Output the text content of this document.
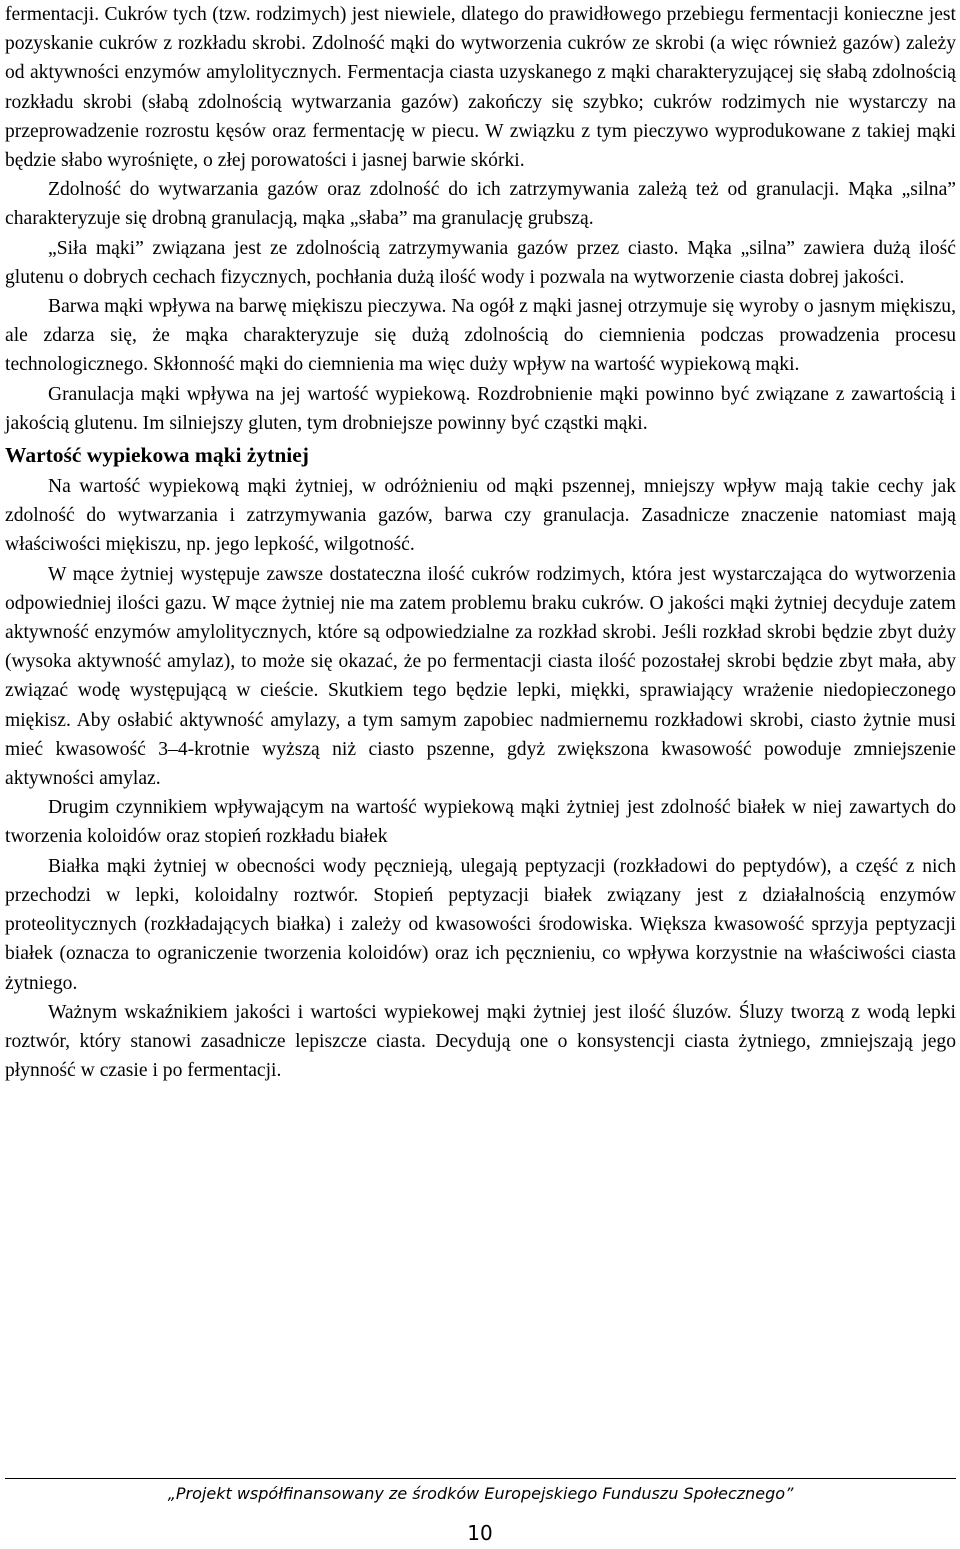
fermentacji. Cukrów tych (tzw. rodzimych) jest niewiele, dlatego do prawidłowego przebiegu fermentacji konieczne jest pozyskanie cukrów z rozkładu skrobi. Zdolność mąki do wytworzenia cukrów ze skrobi (a więc również gazów) zależy od aktywności enzymów amylolitycznych. Fermentacja ciasta uzyskanego z mąki charakteryzującej się słabą zdolnością rozkładu skrobi (słabą zdolnością wytwarzania gazów) zakończy się szybko; cukrów rodzimych nie wystarczy na przeprowadzenie rozrostu kęsów oraz fermentację w piecu. W związku z tym pieczywo wyprodukowane z takiej mąki będzie słabo wyrośnięte, o złej porowatości i jasnej barwie skórki.

Zdolność do wytwarzania gazów oraz zdolność do ich zatrzymywania zależą też od granulacji. Mąka „silna” charakteryzuje się drobną granulacją, mąka „słaba” ma granulację grubszą.

„Siła mąki” związana jest ze zdolnością zatrzymywania gazów przez ciasto. Mąka „silna” zawiera dużą ilość glutenu o dobrych cechach fizycznych, pochłania dużą ilość wody i pozwala na wytworzenie ciasta dobrej jakości.

Barwa mąki wpływa na barwę miękiszu pieczywa. Na ogół z mąki jasnej otrzymuje się wyroby o jasnym miękiszu, ale zdarza się, że mąka charakteryzuje się dużą zdolnością do ciemnienia podczas prowadzenia procesu technologicznego. Skłonność mąki do ciemnienia ma więc duży wpływ na wartość wypiekową mąki.

Granulacja mąki wpływa na jej wartość wypiekową. Rozdrobnienie mąki powinno być związane z zawartością i jakością glutenu. Im silniejszy gluten, tym drobniejsze powinny być cząstki mąki.

Wartość wypiekowa mąki żytniej

Na wartość wypiekową mąki żytniej, w odróżnieniu od mąki pszennej, mniejszy wpływ mają takie cechy jak zdolność do wytwarzania i zatrzymywania gazów, barwa czy granulacja. Zasadnicze znaczenie natomiast mają właściwości miękiszu, np. jego lepkość, wilgotność.

W mące żytniej występuje zawsze dostateczna ilość cukrów rodzimych, która jest wystarczająca do wytworzenia odpowiedniej ilości gazu. W mące żytniej nie ma zatem problemu braku cukrów. O jakości mąki żytniej decyduje zatem aktywność enzymów amylolitycznych, które są odpowiedzialne za rozkład skrobi. Jeśli rozkład skrobi będzie zbyt duży (wysoka aktywność amylaz), to może się okazać, że po fermentacji ciasta ilość pozostałej skrobi będzie zbyt mała, aby związać wodę występującą w cieście. Skutkiem tego będzie lepki, miękki, sprawiający wrażenie niedopieczonego miękisz. Aby osłabić aktywność amylazy, a tym samym zapobiec nadmiernemu rozkładowi skrobi, ciasto żytnie musi mieć kwasowość 3–4-krotnie wyższą niż ciasto pszenne, gdyż zwiększona kwasowość powoduje zmniejszenie aktywności amylaz.

Drugim czynnikiem wpływającym na wartość wypiekową mąki żytniej jest zdolność białek w niej zawartych do tworzenia koloidów oraz stopień rozkładu białek

Białka mąki żytniej w obecności wody pęcznieją, ulegają peptyzacji (rozkładowi do peptydów), a część z nich przechodzi w lepki, koloidalny roztwór. Stopień peptyzacji białek związany jest z działalnością enzymów proteolitycznych (rozkładających białka) i zależy od kwasowości środowiska. Większa kwasowość sprzyja peptyzacji białek (oznacza to ograniczenie tworzenia koloidów) oraz ich pęcznieniu, co wpływa korzystnie na właściwości ciasta żytniego.

Ważnym wskaźnikiem jakości i wartości wypiekowej mąki żytniej jest ilość śluzów. Śluzy tworzą z wodą lepki roztwór, który stanowi zasadnicze lepiszcze ciasta. Decydują one o konsystencji ciasta żytniego, zmniejszają jego płynność w czasie i po fermentacji.

„Projekt współfinansowany ze środków Europejskiego Funduszu Społecznego”

10
